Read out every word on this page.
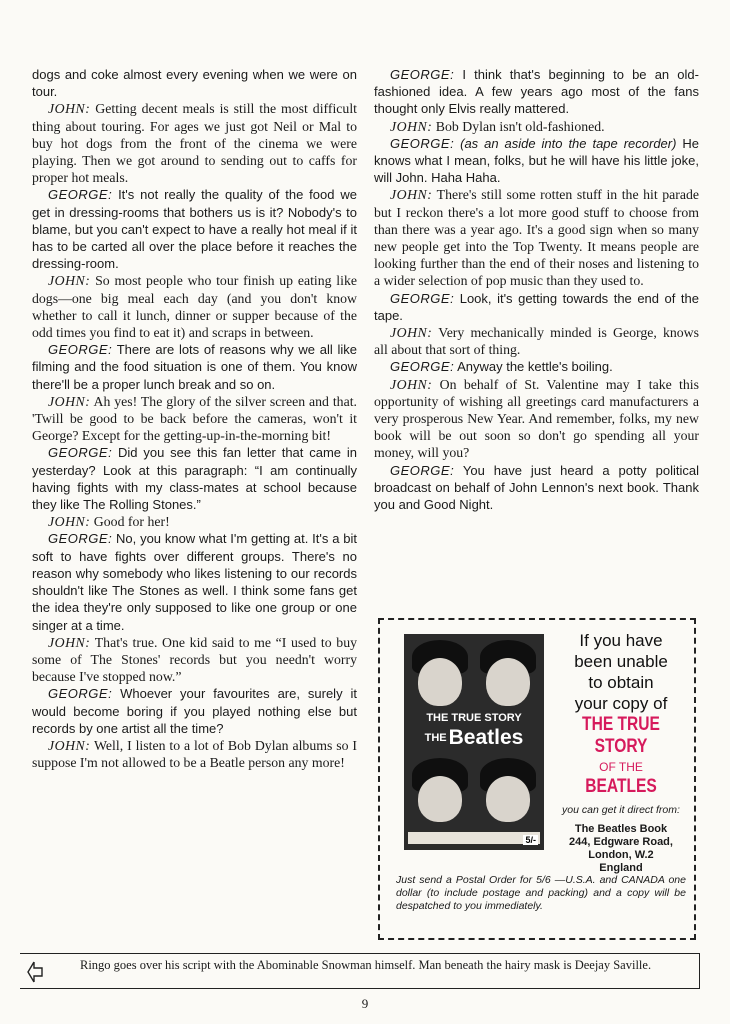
dogs and coke almost every evening when we were on tour.

JOHN: Getting decent meals is still the most difficult thing about touring. For ages we just got Neil or Mal to buy hot dogs from the front of the cinema we were playing. Then we got around to sending out to caffs for proper hot meals.

GEORGE: It's not really the quality of the food we get in dressing-rooms that bothers us is it? Nobody's to blame, but you can't expect to have a really hot meal if it has to be carted all over the place before it reaches the dressing-room.

JOHN: So most people who tour finish up eating like dogs—one big meal each day (and you don't know whether to call it lunch, dinner or supper because of the odd times you find to eat it) and scraps in between.

GEORGE: There are lots of reasons why we all like filming and the food situation is one of them. You know there'll be a proper lunch break and so on.

JOHN: Ah yes! The glory of the silver screen and that. 'Twill be good to be back before the cameras, won't it George? Except for the getting-up-in-the-morning bit!

GEORGE: Did you see this fan letter that came in yesterday? Look at this paragraph: “I am continually having fights with my class-mates at school because they like The Rolling Stones.”

JOHN: Good for her!

GEORGE: No, you know what I'm getting at. It's a bit soft to have fights over different groups. There's no reason why somebody who likes listening to our records shouldn't like The Stones as well. I think some fans get the idea they're only supposed to like one group or one singer at a time.

JOHN: That's true. One kid said to me “I used to buy some of The Stones' records but you needn't worry because I've stopped now.”

GEORGE: Whoever your favourites are, surely it would become boring if you played nothing else but records by one artist all the time?

JOHN: Well, I listen to a lot of Bob Dylan albums so I suppose I'm not allowed to be a Beatle person any more!

GEORGE: I think that's beginning to be an old-fashioned idea. A few years ago most of the fans thought only Elvis really mattered.

JOHN: Bob Dylan isn't old-fashioned.

GEORGE: (as an aside into the tape recorder) He knows what I mean, folks, but he will have his little joke, will John. Haha Haha.

JOHN: There's still some rotten stuff in the hit parade but I reckon there's a lot more good stuff to choose from than there was a year ago. It's a good sign when so many new people get into the Top Twenty. It means people are looking further than the end of their noses and listening to a wider selection of pop music than they used to.

GEORGE: Look, it's getting towards the end of the tape.

JOHN: Very mechanically minded is George, knows all about that sort of thing.

GEORGE: Anyway the kettle's boiling.

JOHN: On behalf of St. Valentine may I take this opportunity of wishing all greetings card manufacturers a very prosperous New Year. And remember, folks, my new book will be out soon so don't go spending all your money, will you?

GEORGE: You have just heard a potty political broadcast on behalf of John Lennon's next book. Thank you and Good Night.

THE TRUE STORY
THEBeatles
5/-
If you have
been unable
to obtain
your copy of
THE TRUE STORY
OF THE
BEATLES
you can get it direct from:
The Beatles Book
244, Edgware Road,
London, W.2
England
Just send a Postal Order for 5/6 —U.S.A. and CANADA one dollar (to include postage and packing) and a copy will be despatched to you immediately.
Ringo goes over his script with the Abominable Snowman himself. Man beneath the hairy mask is Deejay Saville.
9
